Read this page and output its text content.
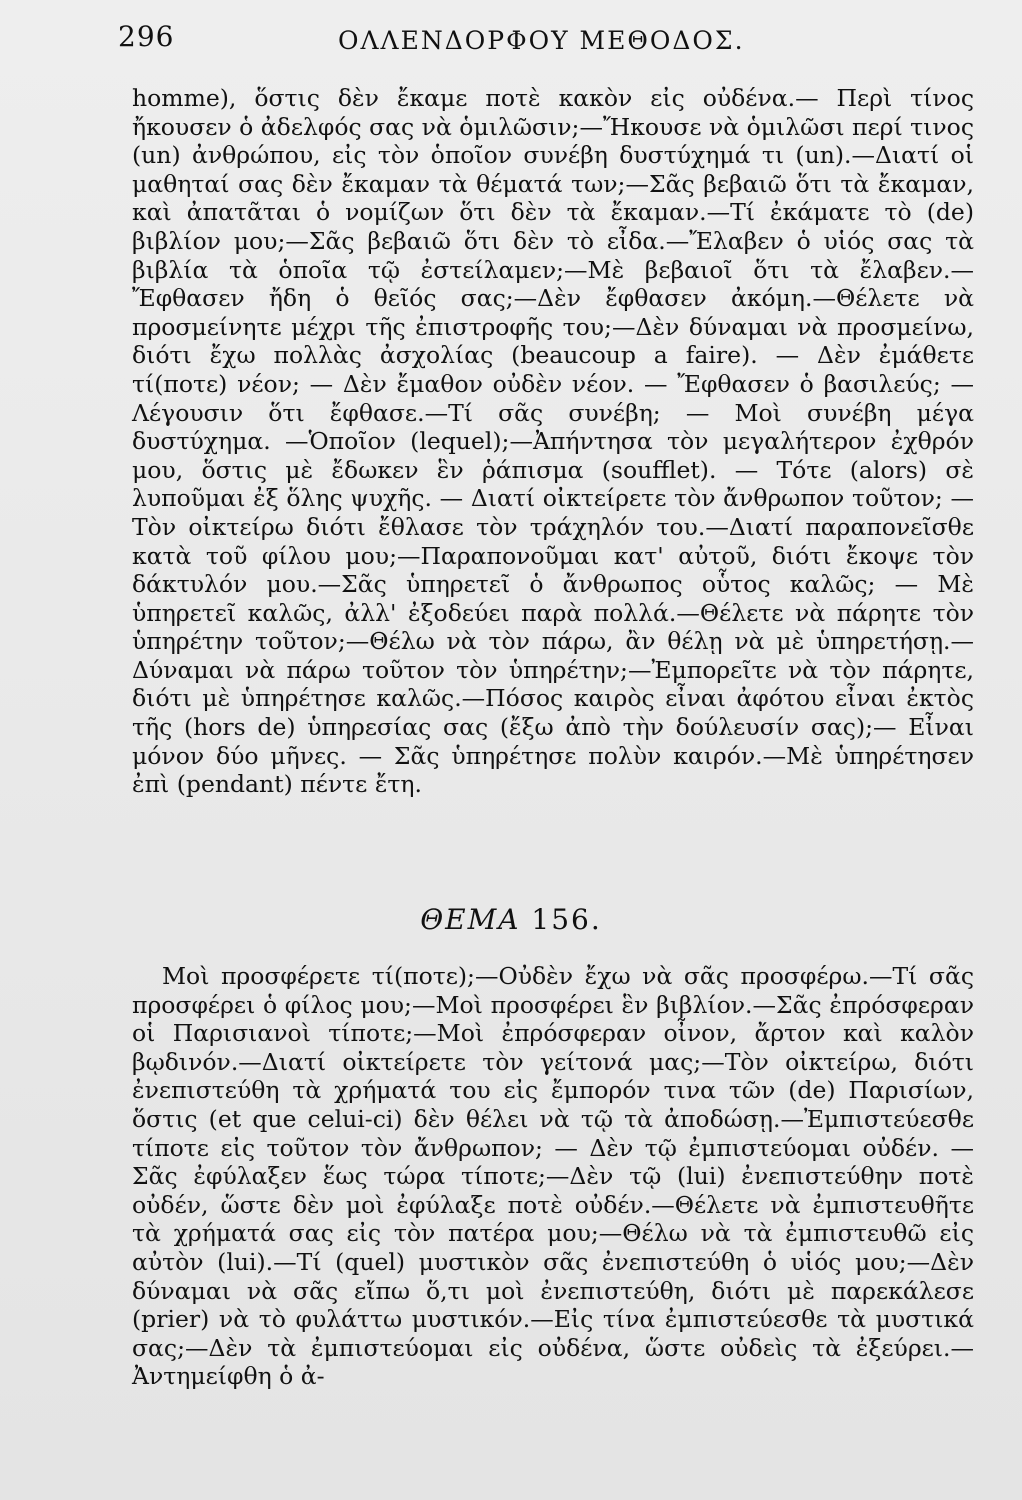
296	ΟΛΛΕΝΔΟΡΦΟΥ ΜΕΘΟΔΟΣ.

homme), ὅστις δὲν ἔκαμε ποτὲ κακὸν εἰς οὐδένα.— Περὶ τίνος ἤκουσεν ὁ ἀδελφός σας νὰ ὁμιλῶσιν;—Ἤκουσε νὰ ὁμιλῶσι περί τινος (un) ἀνθρώπου, εἰς τὸν ὁποῖον συνέβη δυστύχημά τι (un).—Διατί οἱ μαθηταί σας δὲν ἔκαμαν τὰ θέματά των;—Σᾶς βεβαιῶ ὅτι τὰ ἔκαμαν, καὶ ἀπατᾶται ὁ νομίζων ὅτι δὲν τὰ ἔκαμαν.—Τί ἐκάματε τὸ (de) βιβλίον μου;—Σᾶς βεβαιῶ ὅτι δὲν τὸ εἶδα.—Ἔλαβεν ὁ υἱός σας τὰ βιβλία τὰ ὁποῖα τῷ ἐστείλαμεν;—Μὲ βεβαιοῖ ὅτι τὰ ἔλαβεν.—Ἔφθασεν ἤδη ὁ θεῖός σας;—Δὲν ἔφθασεν ἀκόμη.—Θέλετε νὰ προσμείνητε μέχρι τῆς ἐπιστροφῆς του;—Δὲν δύναμαι νὰ προσμείνω, διότι ἔχω πολλὰς ἀσχολίας (beaucoup a faire). — Δὲν ἐμάθετε τί(ποτε) νέον; — Δὲν ἔμαθον οὐδὲν νέον. — Ἔφθασεν ὁ βασιλεύς; — Λέγουσιν ὅτι ἔφθασε.—Τί σᾶς συνέβη; — Μοὶ συνέβη μέγα δυστύχημα. —Ὁποῖον (lequel);—Ἀπήντησα τὸν μεγαλήτερον ἐχθρόν μου, ὅστις μὲ ἔδωκεν ἓν ῥάπισμα (soufflet). — Τότε (alors) σὲ λυποῦμαι ἐξ ὅλης ψυχῆς. — Διατί οἰκτείρετε τὸν ἄνθρωπον τοῦτον; — Τὸν οἰκτείρω διότι ἔθλασε τὸν τράχηλόν του.—Διατί παραπονεῖσθε κατὰ τοῦ φίλου μου;—Παραπονοῦμαι κατ' αὐτοῦ, διότι ἔκοψε τὸν δάκτυλόν μου.—Σᾶς ὑπηρετεῖ ὁ ἄνθρωπος οὗτος καλῶς; — Μὲ ὑπηρετεῖ καλῶς, ἀλλ' ἐξοδεύει παρὰ πολλά.—Θέλετε νὰ πάρητε τὸν ὑπηρέτην τοῦτον;—Θέλω νὰ τὸν πάρω, ἂν θέλῃ νὰ μὲ ὑπηρετήσῃ.—Δύναμαι νὰ πάρω τοῦτον τὸν ὑπηρέτην;—Ἐμπορεῖτε νὰ τὸν πάρητε, διότι μὲ ὑπηρέτησε καλῶς.—Πόσος καιρὸς εἶναι ἀφότου εἶναι ἐκτὸς τῆς (hors de) ὑπηρεσίας σας (ἔξω ἀπὸ τὴν δούλευσίν σας);— Εἶναι μόνον δύο μῆνες. — Σᾶς ὑπηρέτησε πολὺν καιρόν.—Μὲ ὑπηρέτησεν ἐπὶ (pendant) πέντε ἔτη.

ΘΕΜΑ 156.

Μοὶ προσφέρετε τί(ποτε);—Οὐδὲν ἔχω νὰ σᾶς προσφέρω.—Τί σᾶς προσφέρει ὁ φίλος μου;—Μοὶ προσφέρει ἓν βιβλίον.—Σᾶς ἐπρόσφεραν οἱ Παρισιανοὶ τίποτε;—Μοὶ ἐπρόσφεραν οἶνον, ἄρτον καὶ καλὸν βῳδινόν.—Διατί οἰκτείρετε τὸν γείτονά μας;—Τὸν οἰκτείρω, διότι ἐνεπιστεύθη τὰ χρήματά του εἰς ἔμπορόν τινα τῶν (de) Παρισίων, ὅστις (et que celui-ci) δὲν θέλει νὰ τῷ τὰ ἀποδώσῃ.—Ἐμπιστεύεσθε τίποτε εἰς τοῦτον τὸν ἄνθρωπον; — Δὲν τῷ ἐμπιστεύομαι οὐδέν. — Σᾶς ἐφύλαξεν ἕως τώρα τίποτε;—Δὲν τῷ (lui) ἐνεπιστεύθην ποτὲ οὐδέν, ὥστε δὲν μοὶ ἐφύλαξε ποτὲ οὐδέν.—Θέλετε νὰ ἐμπιστευθῆτε τὰ χρήματά σας εἰς τὸν πατέρα μου;—Θέλω νὰ τὰ ἐμπιστευθῶ εἰς αὐτὸν (lui).—Τί (quel) μυστικὸν σᾶς ἐνεπιστεύθη ὁ υἱός μου;—Δὲν δύναμαι νὰ σᾶς εἴπω ὅ,τι μοὶ ἐνεπιστεύθη, διότι μὲ παρεκάλεσε (prier) νὰ τὸ φυλάττω μυστικόν.—Εἰς τίνα ἐμπιστεύεσθε τὰ μυστικά σας;—Δὲν τὰ ἐμπιστεύομαι εἰς οὐδένα, ὥστε οὐδεὶς τὰ ἐξεύρει.—Ἀντημείφθη ὁ ἀ-
